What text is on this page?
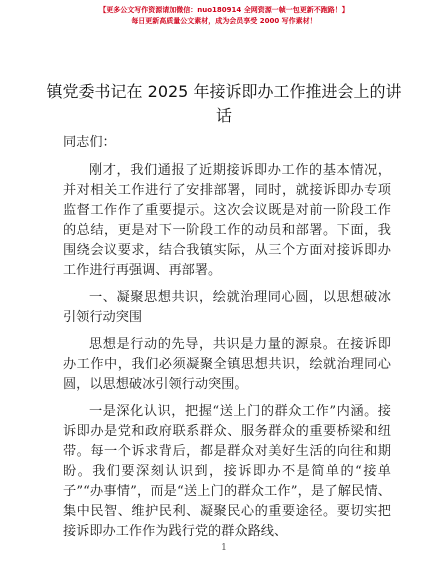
【更多公文写作资源请加微信：nuo180914 全网资源一帧一包更新不跑路！】
每日更新高质量公文素材，成为会员享受 2000 写作素材！
镇党委书记在 2025 年接诉即办工作推进会上的讲话

同志们：

刚才，我们通报了近期接诉即办工作的基本情况，并对相关工作进行了安排部署，同时，就接诉即办专项监督工作作了重要提示。这次会议既是对前一阶段工作的总结，更是对下一阶段工作的动员和部署。下面，我围绕会议要求，结合我镇实际，从三个方面对接诉即办工作进行再强调、再部署。

一、凝聚思想共识，绘就治理同心圆，以思想破冰引领行动突围

思想是行动的先导，共识是力量的源泉。在接诉即办工作中，我们必须凝聚全镇思想共识，绘就治理同心圆，以思想破冰引领行动突围。

一是深化认识，把握“送上门的群众工作”内涵。接诉即办是党和政府联系群众、服务群众的重要桥梁和纽带。每一个诉求背后，都是群众对美好生活的向往和期盼。我们要深刻认识到，接诉即办不是简单的“接单子”“办事情”，而是“送上门的群众工作”，是了解民情、集中民智、维护民利、凝聚民心的重要途径。要切实把接诉即办工作作为践行党的群众路线、

1
